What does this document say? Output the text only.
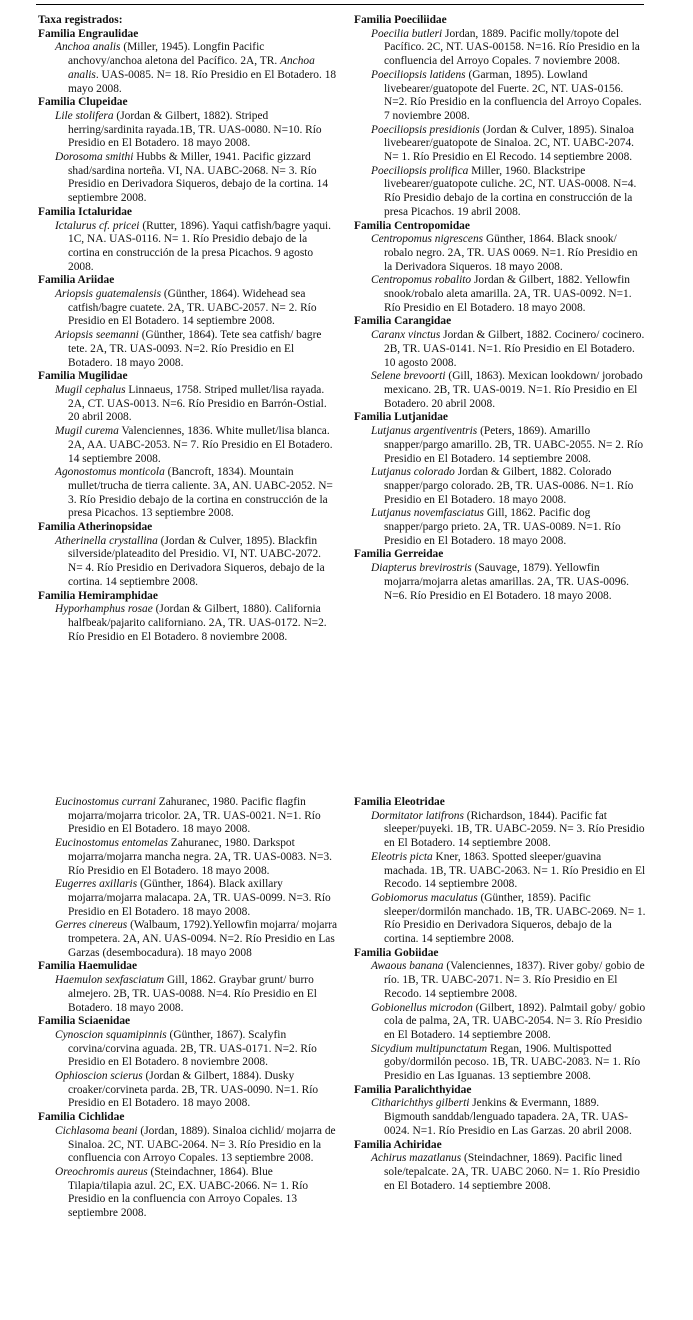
Taxa registrados:

Familia Engraulidae

Anchoa analis (Miller, 1945). Longfin Pacific anchovy/anchoa aletona del Pacífico. 2A, TR. Anchoa analis. UAS-0085. N= 18. Río Presidio en El Botadero. 18 mayo 2008.

Familia Clupeidae

Lile stolifera (Jordan & Gilbert, 1882). Striped herring/sardinita rayada.1B, TR. UAS-0080. N=10. Río Presidio en El Botadero. 18 mayo 2008.

Dorosoma smithi Hubbs & Miller, 1941. Pacific gizzard shad/sardina norteña. VI, NA. UABC-2068. N= 3. Río Presidio en Derivadora Siqueros, debajo de la cortina. 14 septiembre 2008.

Familia Ictaluridae

Ictalurus cf. pricei (Rutter, 1896). Yaqui catfish/bagre yaqui. 1C, NA. UAS-0116. N= 1. Río Presidio debajo de la cortina en construcción de la presa Picachos. 9 agosto 2008.

Familia Ariidae

Ariopsis guatemalensis (Günther, 1864). Widehead sea catfish/bagre cuatete. 2A, TR. UABC-2057. N= 2. Río Presidio en El Botadero. 14 septiembre 2008.

Ariopsis seemanni (Günther, 1864). Tete sea catfish/ bagre tete. 2A, TR. UAS-0093. N=2. Río Presidio en El Botadero. 18 mayo 2008.

Familia Mugilidae

Mugil cephalus Linnaeus, 1758. Striped mullet/lisa rayada. 2A, CT. UAS-0013. N=6. Río Presidio en Barrón-Ostial. 20 abril 2008.

Mugil curema Valenciennes, 1836. White mullet/lisa blanca. 2A, AA. UABC-2053. N= 7. Río Presidio en El Botadero. 14 septiembre 2008.

Agonostomus monticola (Bancroft, 1834). Mountain mullet/trucha de tierra caliente. 3A, AN. UABC-2052. N= 3. Río Presidio debajo de la cortina en construcción de la presa Picachos. 13 septiembre 2008.

Familia Atherinopsidae

Atherinella crystallina (Jordan & Culver, 1895). Blackfin silverside/plateadito del Presidio. VI, NT. UABC-2072. N= 4. Río Presidio en Derivadora Siqueros, debajo de la cortina. 14 septiembre 2008.

Familia Hemiramphidae

Hyporhamphus rosae (Jordan & Gilbert, 1880). California halfbeak/pajarito californiano. 2A, TR. UAS-0172. N=2. Río Presidio en El Botadero. 8 noviembre 2008.

Familia Poeciliidae

Poecilia butleri Jordan, 1889. Pacific molly/topote del Pacífico. 2C, NT. UAS-00158. N=16. Río Presidio en la confluencia del Arroyo Copales. 7 noviembre 2008.

Poeciliopsis latidens (Garman, 1895). Lowland livebearer/guatopote del Fuerte. 2C, NT. UAS-0156. N=2. Río Presidio en la confluencia del Arroyo Copales. 7 noviembre 2008.

Poeciliopsis presidionis (Jordan & Culver, 1895). Sinaloa livebearer/guatopote de Sinaloa. 2C, NT. UABC-2074. N= 1. Río Presidio en El Recodo. 14 septiembre 2008.

Poeciliopsis prolifica Miller, 1960. Blackstripe livebearer/guatopote culiche. 2C, NT. UAS-0008. N=4. Río Presidio debajo de la cortina en construcción de la presa Picachos. 19 abril 2008.

Familia Centropomidae

Centropomus nigrescens Günther, 1864. Black snook/ robalo negro. 2A, TR. UAS 0069. N=1. Río Presidio en la Derivadora Siqueros. 18 mayo 2008.

Centropomus robalito Jordan & Gilbert, 1882. Yellowfin snook/robalo aleta amarilla. 2A, TR. UAS-0092. N=1. Río Presidio en El Botadero. 18 mayo 2008.

Familia Carangidae

Caranx vinctus Jordan & Gilbert, 1882. Cocinero/ cocinero. 2B, TR. UAS-0141. N=1. Río Presidio en El Botadero. 10 agosto 2008.

Selene brevoorti (Gill, 1863). Mexican lookdown/ jorobado mexicano. 2B, TR. UAS-0019. N=1. Río Presidio en El Botadero. 20 abril 2008.

Familia Lutjanidae

Lutjanus argentiventris (Peters, 1869). Amarillo snapper/pargo amarillo. 2B, TR. UABC-2055. N= 2. Río Presidio en El Botadero. 14 septiembre 2008.

Lutjanus colorado Jordan & Gilbert, 1882. Colorado snapper/pargo colorado. 2B, TR. UAS-0086. N=1. Río Presidio en El Botadero. 18 mayo 2008.

Lutjanus novemfasciatus Gill, 1862. Pacific dog snapper/pargo prieto. 2A, TR. UAS-0089. N=1. Río Presidio en El Botadero. 18 mayo 2008.

Familia Gerreidae

Diapterus brevirostris (Sauvage, 1879). Yellowfin mojarra/mojarra aletas amarillas. 2A, TR. UAS-0096. N=6. Río Presidio en El Botadero. 18 mayo 2008.

Eucinostomus currani Zahuranec, 1980. Pacific flagfin mojarra/mojarra tricolor. 2A, TR. UAS-0021. N=1. Río Presidio en El Botadero. 18 mayo 2008.

Eucinostomus entomelas Zahuranec, 1980. Darkspot mojarra/mojarra mancha negra. 2A, TR. UAS-0083. N=3. Río Presidio en El Botadero. 18 mayo 2008.

Eugerres axillaris (Günther, 1864). Black axillary mojarra/mojarra malacapa. 2A, TR. UAS-0099. N=3. Río Presidio en El Botadero. 18 mayo 2008.

Gerres cinereus (Walbaum, 1792).Yellowfin mojarra/ mojarra trompetera. 2A, AN. UAS-0094. N=2. Río Presidio en Las Garzas (desembocadura). 18 mayo 2008

Familia Haemulidae

Haemulon sexfasciatum Gill, 1862. Graybar grunt/ burro almejero. 2B, TR. UAS-0088. N=4. Río Presidio en El Botadero. 18 mayo 2008.

Familia Sciaenidae

Cynoscion squamipinnis (Günther, 1867). Scalyfin corvina/corvina aguada. 2B, TR. UAS-0171. N=2. Río Presidio en El Botadero. 8 noviembre 2008.

Ophioscion scierus (Jordan & Gilbert, 1884). Dusky croaker/corvineta parda. 2B, TR. UAS-0090. N=1. Río Presidio en El Botadero. 18 mayo 2008.

Familia Cichlidae

Cichlasoma beani (Jordan, 1889). Sinaloa cichlid/ mojarra de Sinaloa. 2C, NT. UABC-2064. N= 3. Río Presidio en la confluencia con Arroyo Copales. 13 septiembre 2008.

Oreochromis aureus (Steindachner, 1864). Blue Tilapia/tilapia azul. 2C, EX. UABC-2066. N= 1. Río Presidio en la confluencia con Arroyo Copales. 13 septiembre 2008.

Familia Eleotridae

Dormitator latifrons (Richardson, 1844). Pacific fat sleeper/puyeki. 1B, TR. UABC-2059. N= 3. Río Presidio en El Botadero. 14 septiembre 2008.

Eleotris picta Kner, 1863. Spotted sleeper/guavina machada. 1B, TR. UABC-2063. N= 1. Río Presidio en El Recodo. 14 septiembre 2008.

Gobiomorus maculatus (Günther, 1859). Pacific sleeper/dormilón manchado. 1B, TR. UABC-2069. N= 1. Río Presidio en Derivadora Siqueros, debajo de la cortina. 14 septiembre 2008.

Familia Gobiidae

Awaous banana (Valenciennes, 1837). River goby/ gobio de río. 1B, TR. UABC-2071. N= 3. Río Presidio en El Recodo. 14 septiembre 2008.

Gobionellus microdon (Gilbert, 1892). Palmtail goby/ gobio cola de palma, 2A, TR. UABC-2054. N= 3. Río Presidio en El Botadero. 14 septiembre 2008.

Sicydium multipunctatum Regan, 1906. Multispotted goby/dormilón pecoso. 1B, TR. UABC-2083. N= 1. Río Presidio en Las Iguanas. 13 septiembre 2008.

Familia Paralichthyidae

Citharichthys gilberti Jenkins & Evermann, 1889. Bigmouth sanddab/lenguado tapadera. 2A, TR. UAS-0024. N=1. Río Presidio en Las Garzas. 20 abril 2008.

Familia Achiridae

Achirus mazatlanus (Steindachner, 1869). Pacific lined sole/tepalcate. 2A, TR. UABC 2060. N= 1. Río Presidio en El Botadero. 14 septiembre 2008.
